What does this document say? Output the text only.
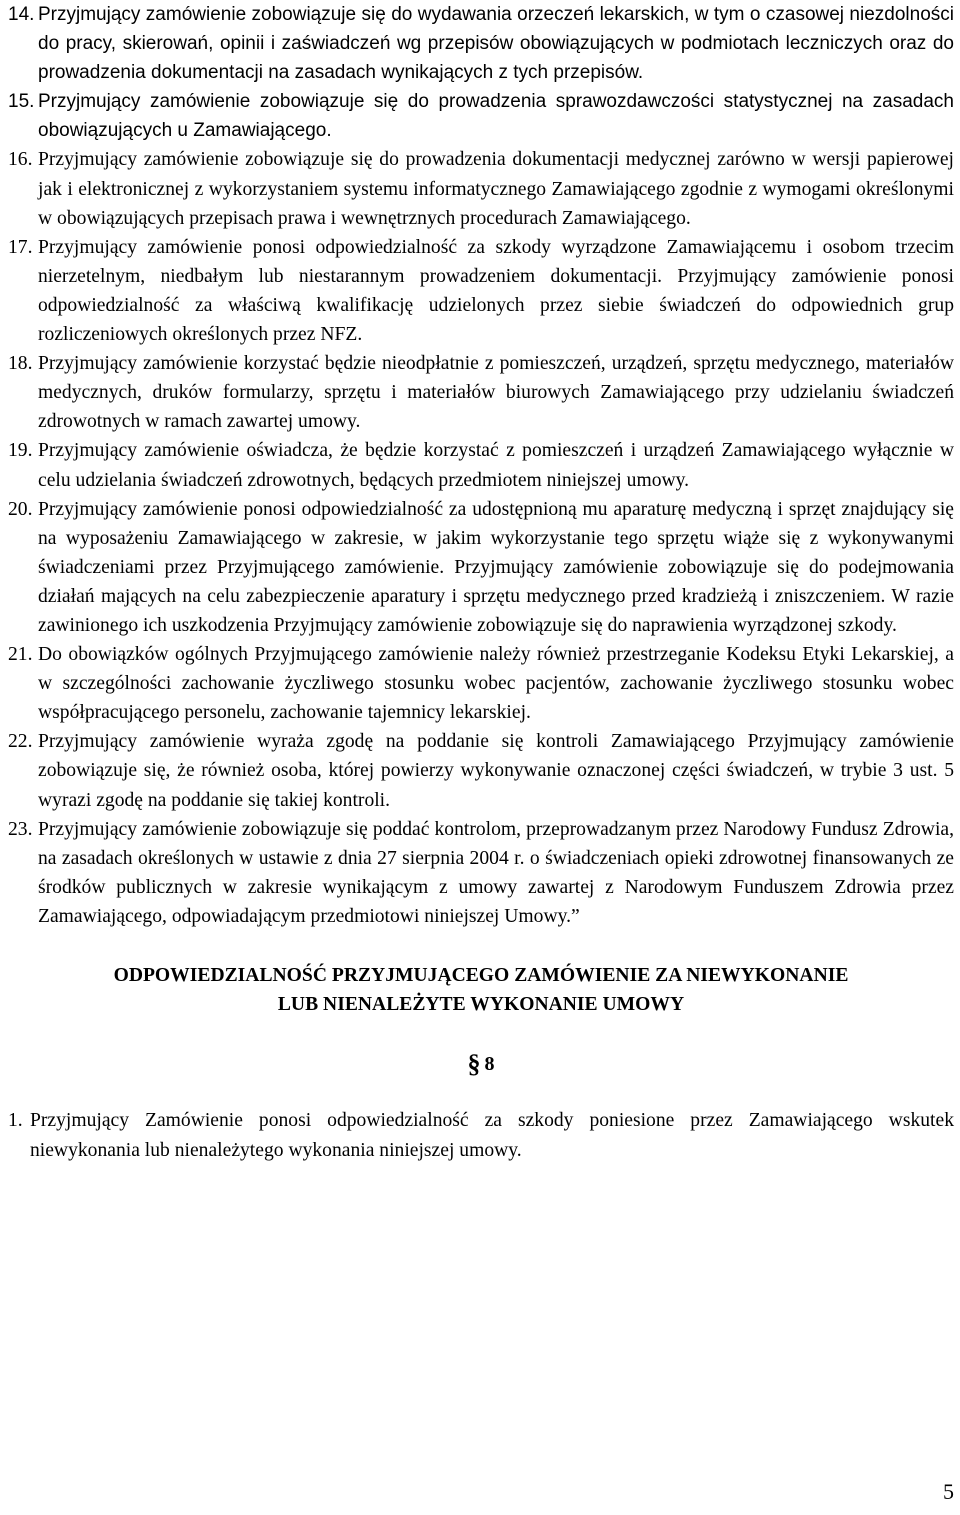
14. Przyjmujący zamówienie zobowiązuje się do wydawania orzeczeń lekarskich, w tym o czasowej niezdolności do pracy, skierowań, opinii i zaświadczeń wg przepisów obowiązujących w podmiotach leczniczych oraz do prowadzenia dokumentacji na zasadach wynikających z tych przepisów.
15. Przyjmujący zamówienie zobowiązuje się do prowadzenia sprawozdawczości statystycznej na zasadach obowiązujących u Zamawiającego.
16. Przyjmujący zamówienie zobowiązuje się do prowadzenia dokumentacji medycznej zarówno w wersji papierowej jak i elektronicznej z wykorzystaniem systemu informatycznego Zamawiającego zgodnie z wymogami określonymi w obowiązujących przepisach prawa i wewnętrznych procedurach Zamawiającego.
17. Przyjmujący zamówienie ponosi odpowiedzialność za szkody wyrządzone Zamawiającemu i osobom trzecim nierzetelnym, niedbałym lub niestarannym prowadzeniem dokumentacji. Przyjmujący zamówienie ponosi odpowiedzialność za właściwą kwalifikację udzielonych przez siebie świadczeń do odpowiednich grup rozliczeniowych określonych przez NFZ.
18. Przyjmujący zamówienie korzystać będzie nieodpłatnie z pomieszczeń, urządzeń, sprzętu medycznego, materiałów medycznych, druków formularzy, sprzętu i materiałów biurowych Zamawiającego przy udzielaniu świadczeń zdrowotnych w ramach zawartej umowy.
19. Przyjmujący zamówienie oświadcza, że będzie korzystać z pomieszczeń i urządzeń Zamawiającego wyłącznie w celu udzielania świadczeń zdrowotnych, będących przedmiotem niniejszej umowy.
20. Przyjmujący zamówienie ponosi odpowiedzialność za udostępnioną mu aparaturę medyczną i sprzęt znajdujący się na wyposażeniu Zamawiającego w zakresie, w jakim wykorzystanie tego sprzętu wiąże się z wykonywanymi świadczeniami przez Przyjmującego zamówienie. Przyjmujący zamówienie zobowiązuje się do podejmowania działań mających na celu zabezpieczenie aparatury i sprzętu medycznego przed kradzieżą i zniszczeniem. W razie zawinionego ich uszkodzenia Przyjmujący zamówienie zobowiązuje się do naprawienia wyrządzonej szkody.
21. Do obowiązków ogólnych Przyjmującego zamówienie należy również przestrzeganie Kodeksu Etyki Lekarskiej, a w szczególności zachowanie życzliwego stosunku wobec pacjentów, zachowanie życzliwego stosunku wobec współpracującego personelu, zachowanie tajemnicy lekarskiej.
22. Przyjmujący zamówienie wyraża zgodę na poddanie się kontroli Zamawiającego Przyjmujący zamówienie zobowiązuje się, że również osoba, której powierzy wykonywanie oznaczonej części świadczeń, w trybie 3 ust. 5 wyrazi zgodę na poddanie się takiej kontroli.
23. Przyjmujący zamówienie zobowiązuje się poddać kontrolom, przeprowadzanym przez Narodowy Fundusz Zdrowia, na zasadach określonych w ustawie z dnia 27 sierpnia 2004 r. o świadczeniach opieki zdrowotnej finansowanych ze środków publicznych w zakresie wynikającym z umowy zawartej z Narodowym Funduszem Zdrowia przez Zamawiającego, odpowiadającym przedmiotowi niniejszej Umowy.”
ODPOWIEDZIALNOŚĆ PRZYJMUJĄCEGO ZAMÓWIENIE ZA NIEWYKONANIE
LUB NIENALEŻYTE WYKONANIE UMOWY
§ 8

1. Przyjmujący Zamówienie ponosi odpowiedzialność za szkody poniesione przez Zamawiającego wskutek niewykonania lub nienależytego wykonania niniejszej umowy.

5
